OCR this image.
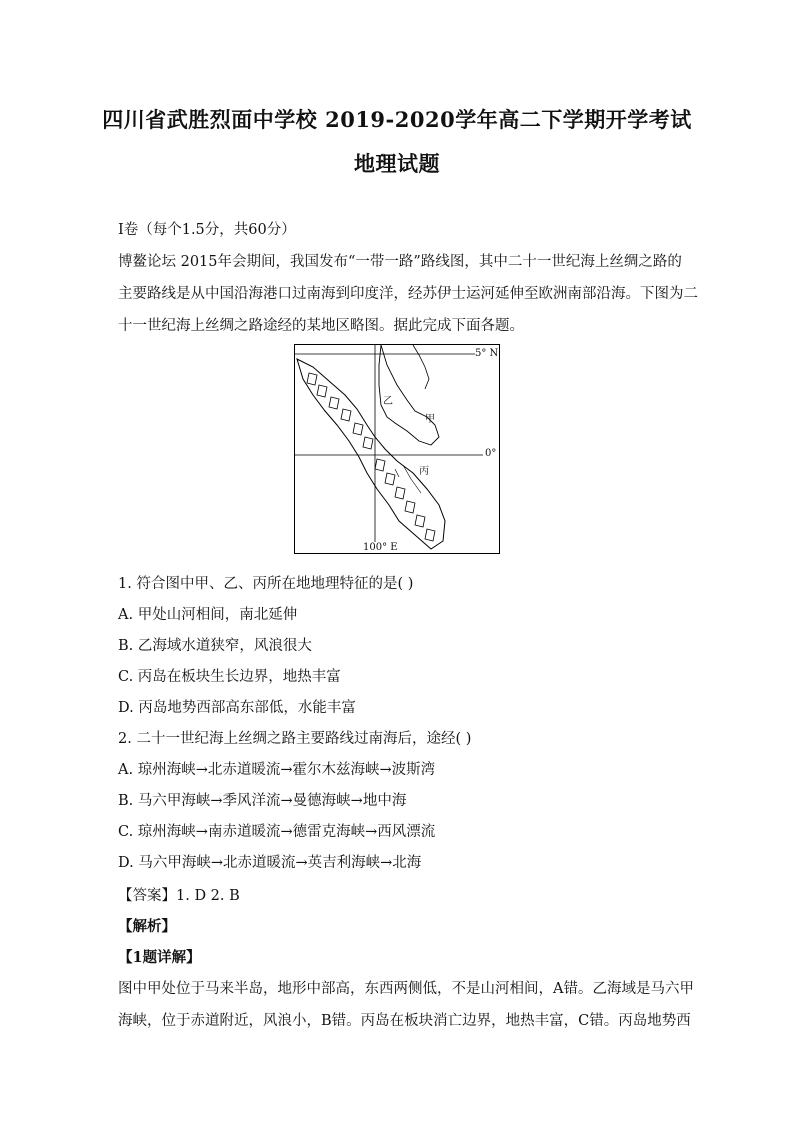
四川省武胜烈面中学校 2019-2020学年高二下学期开学考试
地理试题
Ⅰ卷（每个1.5分，共60分）
博鳌论坛 2015年会期间，我国发布“一带一路”路线图，其中二十一世纪海上丝绸之路的
主要路线是从中国沿海港口过南海到印度洋，经苏伊士运河延伸至欧洲南部沿海。下图为二
十一世纪海上丝绸之路途经的某地区略图。据此完成下面各题。
5° N
0°
100° E
甲
乙
丙
1. 符合图中甲、乙、丙所在地地理特征的是( )
A. 甲处山河相间，南北延伸
B. 乙海域水道狭窄，风浪很大
C. 丙岛在板块生长边界，地热丰富
D. 丙岛地势西部高东部低，水能丰富
2. 二十一世纪海上丝绸之路主要路线过南海后，途经( )
A. 琼州海峡→北赤道暖流→霍尔木兹海峡→波斯湾
B. 马六甲海峡→季风洋流→曼德海峡→地中海
C. 琼州海峡→南赤道暖流→德雷克海峡→西风漂流
D. 马六甲海峡→北赤道暖流→英吉利海峡→北海
【答案】1. D 2. B
【解析】
【1题详解】
图中甲处位于马来半岛，地形中部高，东西两侧低，不是山河相间，A错。乙海域是马六甲
海峡，位于赤道附近，风浪小，B错。丙岛在板块消亡边界，地热丰富，C错。丙岛地势西
